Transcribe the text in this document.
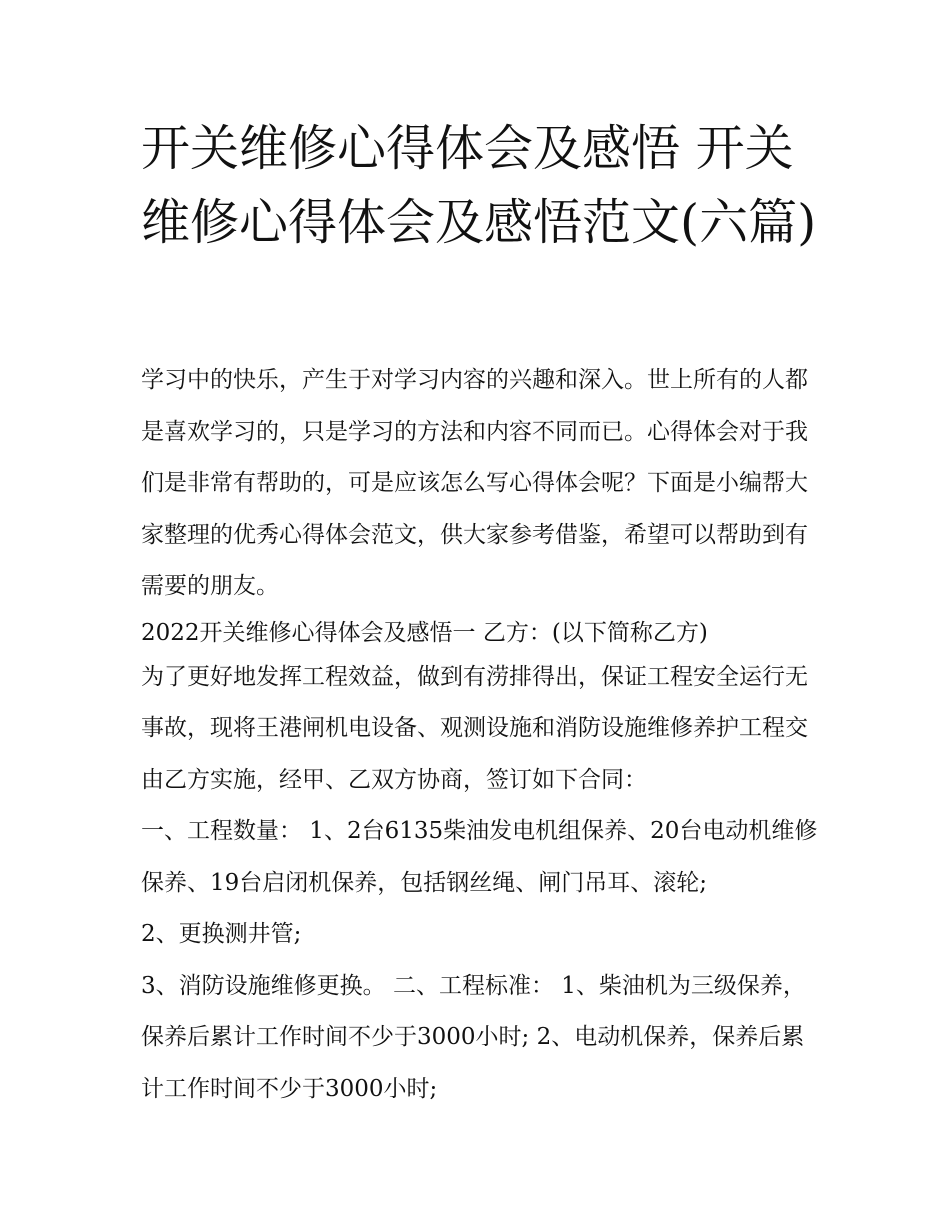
开关维修心得体会及感悟 开关维修心得体会及感悟范文(六篇)

学习中的快乐，产生于对学习内容的兴趣和深入。世上所有的人都是喜欢学习的，只是学习的方法和内容不同而已。心得体会对于我们是非常有帮助的，可是应该怎么写心得体会呢？下面是小编帮大家整理的优秀心得体会范文，供大家参考借鉴，希望可以帮助到有需要的朋友。

2022开关维修心得体会及感悟一 乙方：(以下简称乙方)

为了更好地发挥工程效益，做到有涝排得出，保证工程安全运行无事故，现将王港闸机电设备、观测设施和消防设施维修养护工程交由乙方实施，经甲、乙双方协商，签订如下合同：

一、工程数量： 1、2台6135柴油发电机组保养、20台电动机维修保养、19台启闭机保养，包括钢丝绳、闸门吊耳、滚轮;

2、更换测井管;

3、消防设施维修更换。 二、工程标准： 1、柴油机为三级保养，保养后累计工作时间不少于3000小时; 2、电动机保养，保养后累计工作时间不少于3000小时;
